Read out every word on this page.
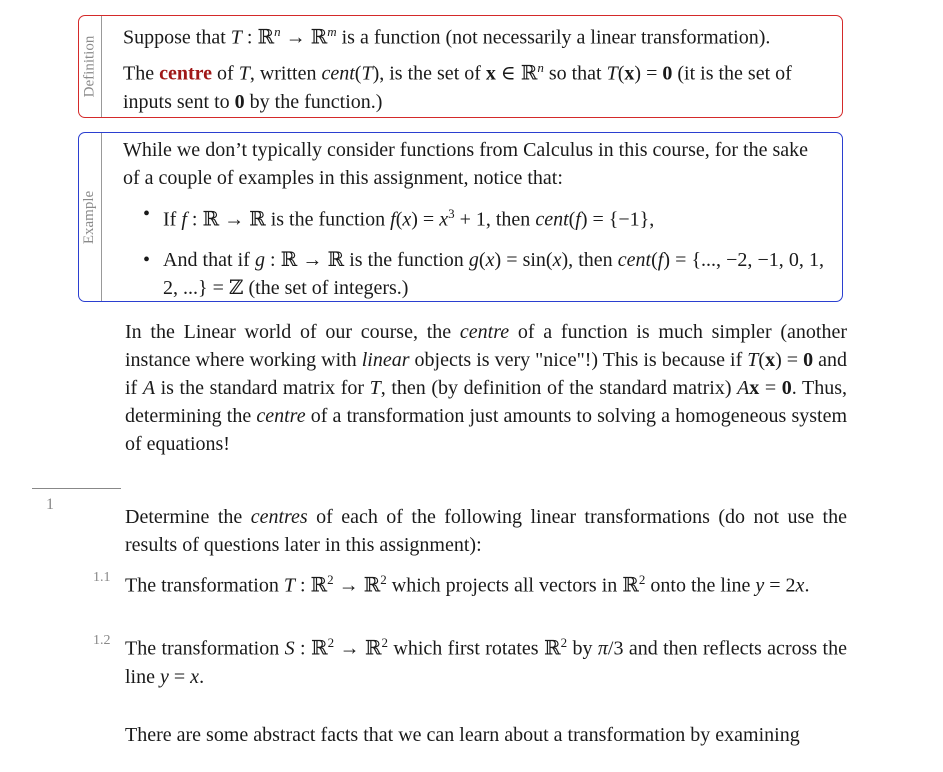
Definition Suppose that T : ℝ$^n$ → ℝ$^m$ is a function (not necessarily a linear transformation).
The centre of T, written cent(T), is the set of x ∈ ℝ$^n$ so that T(x) = 0 (it is the set of inputs sent to 0 by the function.)
Example
While we don’t typically consider functions from Calculus in this course, for the sake of a couple of examples in this assignment, notice that:
• If f : ℝ → ℝ is the function $f(x) = x^3 + 1$, then cent(f) = {−1},
• And that if g : ℝ → ℝ is the function g(x) = sin(x), then cent(f) = {..., −2, −1, 0, 1, 2, ...} = ℤ (the set of integers.)
In the Linear world of our course, the centre of a function is much simpler (another instance where working with linear objects is very "nice"!) This is because if T(x) = 0 and if A is the standard matrix for T, then (by definition of the standard matrix) Ax = 0. Thus, determining the centre of a transformation just amounts to solving a homogeneous system of equations!
1
Determine the centres of each of the following linear transformations (do not use the results of questions later in this assignment):
1.1 The transformation T : ℝ$^2$ → ℝ$^2$ which projects all vectors in ℝ$^2$ onto the line y = 2x.
1.2 The transformation S : ℝ$^2$ → ℝ$^2$ which first rotates ℝ$^2$ by π/3 and then reflects across the line y = x.
There are some abstract facts that we can learn about a transformation by examining
